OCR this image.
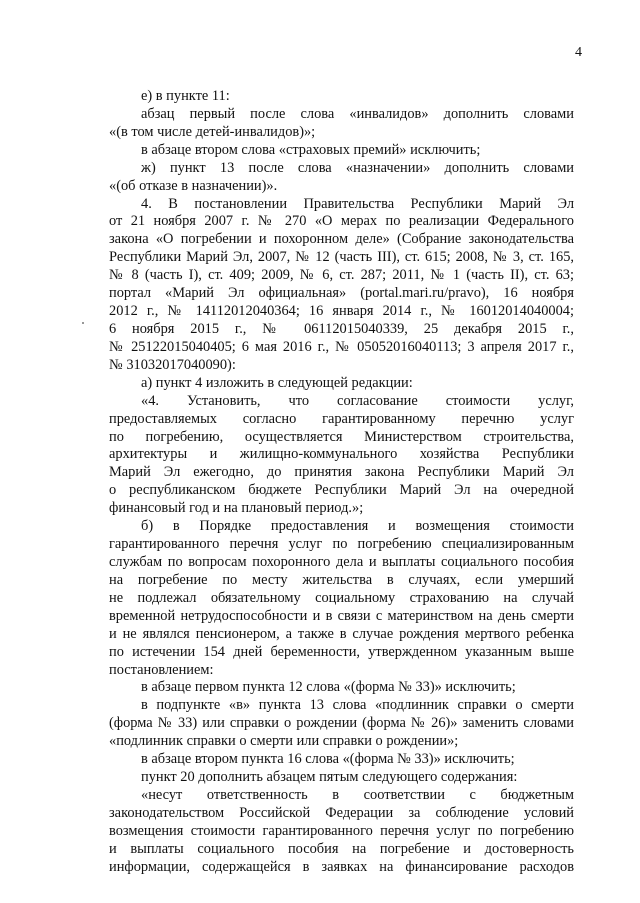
4

е) в пункте 11:

абзац первый после слова «инвалидов» дополнить словами

«(в том числе детей-инвалидов)»;

в абзаце втором слова «страховых премий» исключить;

ж) пункт 13 после слова «назначении» дополнить словами

«(об отказе в назначении)».

4. В постановлении Правительства Республики Марий Эл

от 21 ноября 2007 г. № 270 «О мерах по реализации Федерального

закона «О погребении и похоронном деле» (Собрание законодательства

Республики Марий Эл, 2007, № 12 (часть III), ст. 615; 2008, № 3, ст. 165,

№ 8 (часть I), ст. 409; 2009, № 6, ст. 287; 2011, № 1 (часть II), ст. 63;

портал «Марий Эл официальная» (portal.mari.ru/pravo), 16 ноября

2012 г., № 14112012040364; 16 января 2014 г., № 16012014040004;

6 ноября 2015 г., № 06112015040339, 25 декабря 2015 г.,

№ 25122015040405; 6 мая 2016 г., № 05052016040113; 3 апреля 2017 г.,

№ 31032017040090):

а) пункт 4 изложить в следующей редакции:

«4. Установить, что согласование стоимости услуг,

предоставляемых согласно гарантированному перечню услуг

по погребению, осуществляется Министерством строительства,

архитектуры и жилищно-коммунального хозяйства Республики

Марий Эл ежегодно, до принятия закона Республики Марий Эл

о республиканском бюджете Республики Марий Эл на очередной

финансовый год и на плановый период.»;

б) в Порядке предоставления и возмещения стоимости

гарантированного перечня услуг по погребению специализированным

службам по вопросам похоронного дела и выплаты социального пособия

на погребение по месту жительства в случаях, если умерший

не подлежал обязательному социальному страхованию на случай

временной нетрудоспособности и в связи с материнством на день смерти

и не являлся пенсионером, а также в случае рождения мертвого ребенка

по истечении 154 дней беременности, утвержденном указанным выше

постановлением:

в абзаце первом пункта 12 слова «(форма № 33)» исключить;

в подпункте «в» пункта 13 слова «подлинник справки о смерти

(форма № 33) или справки о рождении (форма № 26)» заменить словами

«подлинник справки о смерти или справки о рождении»;

в абзаце втором пункта 16 слова «(форма № 33)» исключить;

пункт 20 дополнить абзацем пятым следующего содержания:

«несут ответственность в соответствии с бюджетным

законодательством Российской Федерации за соблюдение условий

возмещения стоимости гарантированного перечня услуг по погребению

и выплаты социального пособия на погребение и достоверность

информации, содержащейся в заявках на финансирование расходов
